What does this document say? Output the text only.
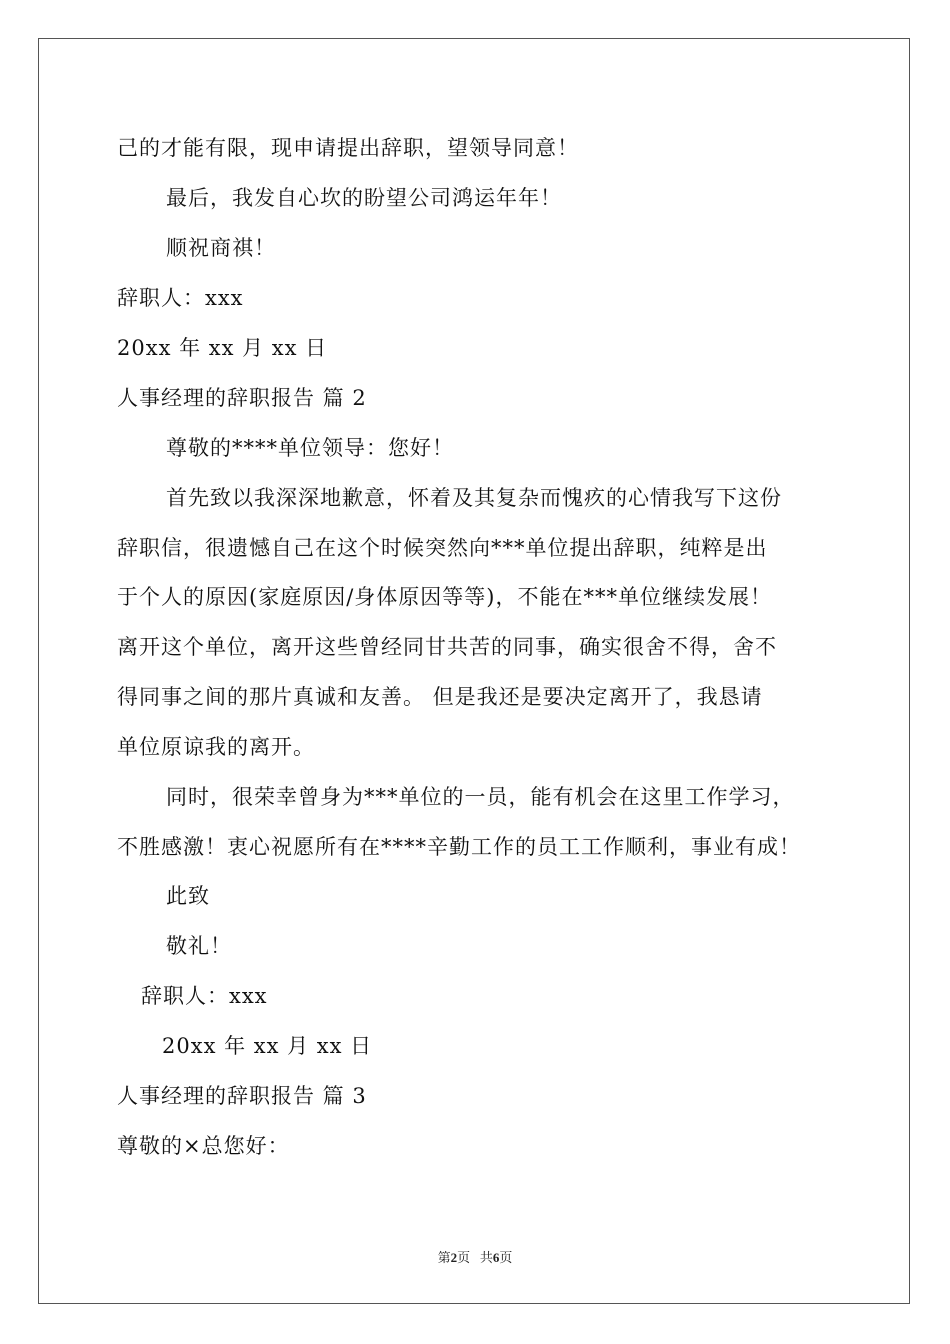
己的才能有限，现申请提出辞职，望领导同意！
最后，我发自心坎的盼望公司鸿运年年！
顺祝商祺！
辞职人：xxx
20xx 年 xx 月 xx 日
人事经理的辞职报告 篇 2
尊敬的****单位领导：您好！
首先致以我深深地歉意，怀着及其复杂而愧疚的心情我写下这份
辞职信，很遗憾自己在这个时候突然向***单位提出辞职，纯粹是出
于个人的原因(家庭原因/身体原因等等)，不能在***单位继续发展！
离开这个单位，离开这些曾经同甘共苦的同事，确实很舍不得，舍不
得同事之间的那片真诚和友善。 但是我还是要决定离开了，我恳请
单位原谅我的离开。
同时，很荣幸曾身为***单位的一员，能有机会在这里工作学习，
不胜感激！衷心祝愿所有在****辛勤工作的员工工作顺利，事业有成！
此致
敬礼！
辞职人：xxx
20xx 年 xx 月 xx 日
人事经理的辞职报告 篇 3
尊敬的×总您好：
第2页 共6页
